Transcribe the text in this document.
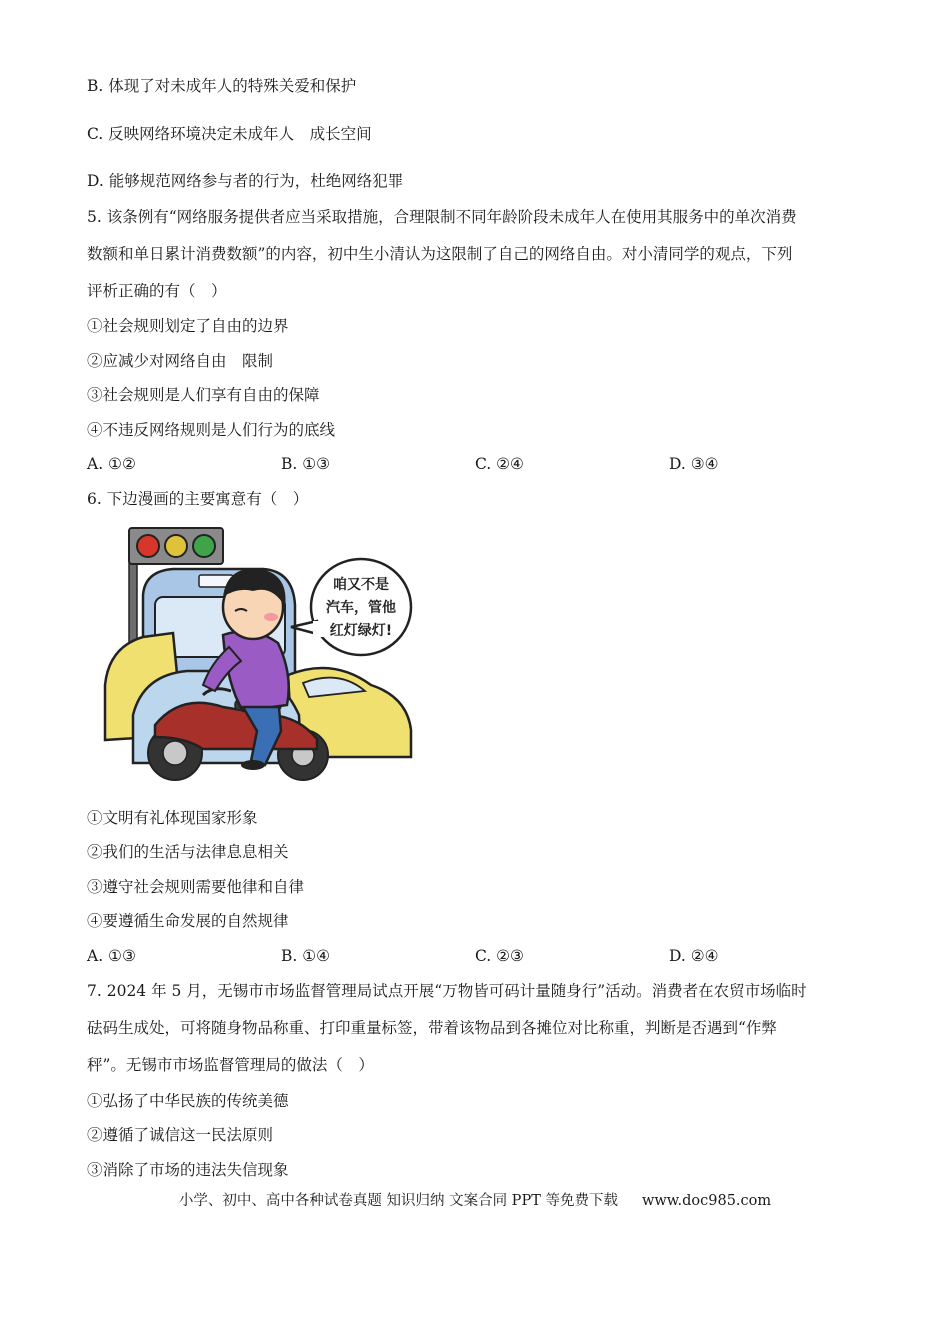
B. 体现了对未成年人的特殊关爱和保护
C. 反映网络环境决定未成年人　成长空间
D. 能够规范网络参与者的行为，杜绝网络犯罪
5. 该条例有“网络服务提供者应当采取措施，合理限制不同年龄阶段未成年人在使用其服务中的单次消费
数额和单日累计消费数额”的内容，初中生小清认为这限制了自己的网络自由。对小清同学的观点，下列
评析正确的有（　）
①社会规则划定了自由的边界
②应减少对网络自由　限制
③社会规则是人们享有自由的保障
④不违反网络规则是人们行为的底线
A. ①②	B. ①③	C. ②④	D. ③④
6. 下边漫画的主要寓意有（　）
咱又不是
汽车，管他
红灯绿灯!
①文明有礼体现国家形象
②我们的生活与法律息息相关
③遵守社会规则需要他律和自律
④要遵循生命发展的自然规律
A. ①③	B. ①④	C. ②③	D. ②④
7. 2024 年 5 月，无锡市市场监督管理局试点开展“万物皆可码计量随身行”活动。消费者在农贸市场临时
砝码生成处，可将随身物品称重、打印重量标签，带着该物品到各摊位对比称重，判断是否遇到“作弊
秤”。无锡市市场监督管理局的做法（　）
①弘扬了中华民族的传统美德
②遵循了诚信这一民法原则
③消除了市场的违法失信现象
小学、初中、高中各种试卷真题 知识归纳 文案合同 PPT 等免费下载 www.doc985.com
